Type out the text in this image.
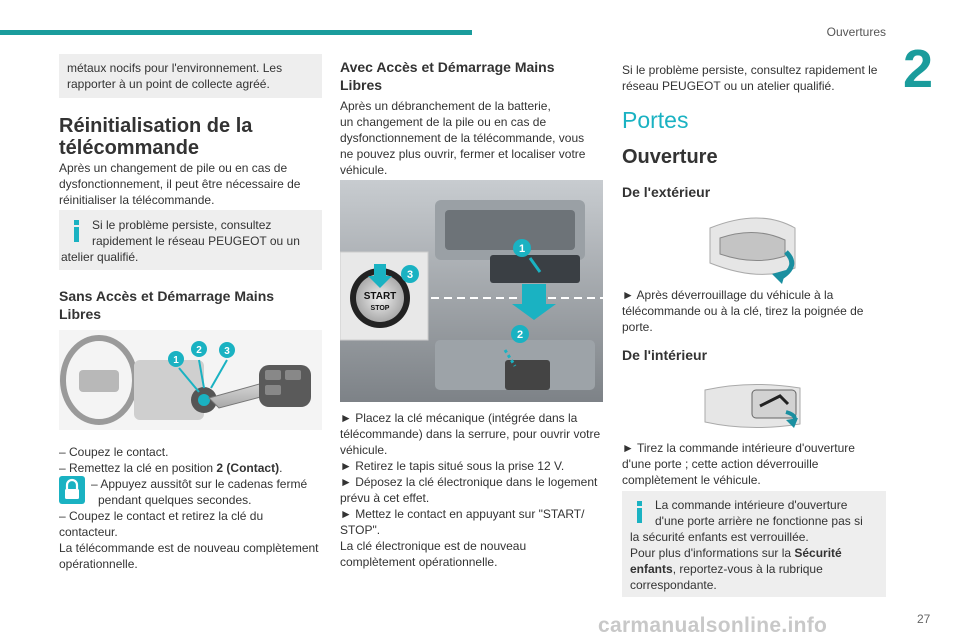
Ouvertures
2

métaux nocifs pour l'environnement. Les

rapporter à un point de collecte agréé.

Réinitialisation de la
télécommande

Après un changement de pile ou en cas de

dysfonctionnement, il peut être nécessaire de

réinitialiser la télécommande.

Si le problème persiste, consultez

rapidement le réseau PEUGEOT ou un

atelier qualifié.

Sans Accès et Démarrage Mains
Libres
1
2 3

– Coupez le contact.

– Remettez la clé en position 2 (Contact).

– Appuyez aussitôt sur le cadenas fermé

pendant quelques secondes.

– Coupez le contact et retirez la clé du

contacteur.

La télécommande est de nouveau complètement

opérationnelle.

Avec Accès et Démarrage Mains
Libres

Après un débranchement de la batterie,

un changement de la pile ou en cas de

dysfonctionnement de la télécommande, vous

ne pouvez plus ouvrir, fermer et localiser votre

véhicule.

START
STOP
1
2
3

► Placez la clé mécanique (intégrée dans la

télécommande) dans la serrure, pour ouvrir votre

véhicule.

► Retirez le tapis situé sous la prise 12 V.

► Déposez la clé électronique dans le logement

prévu à cet effet.

► Mettez le contact en appuyant sur "START/

STOP".

La clé électronique est de nouveau

complètement opérationnelle.

Si le problème persiste, consultez rapidement le

réseau PEUGEOT ou un atelier qualifié.

Portes
Ouverture
De l'extérieur

► Après déverrouillage du véhicule à la

télécommande ou à la clé, tirez la poignée de

porte.

De l'intérieur

► Tirez la commande intérieure d'ouverture

d'une porte ; cette action déverrouille

complètement le véhicule.

La commande intérieure d'ouverture

d'une porte arrière ne fonctionne pas si

la sécurité enfants est verrouillée.

Pour plus d'informations sur la Sécurité

enfants, reportez-vous à la rubrique

correspondante.

carmanualsonline.info	27
